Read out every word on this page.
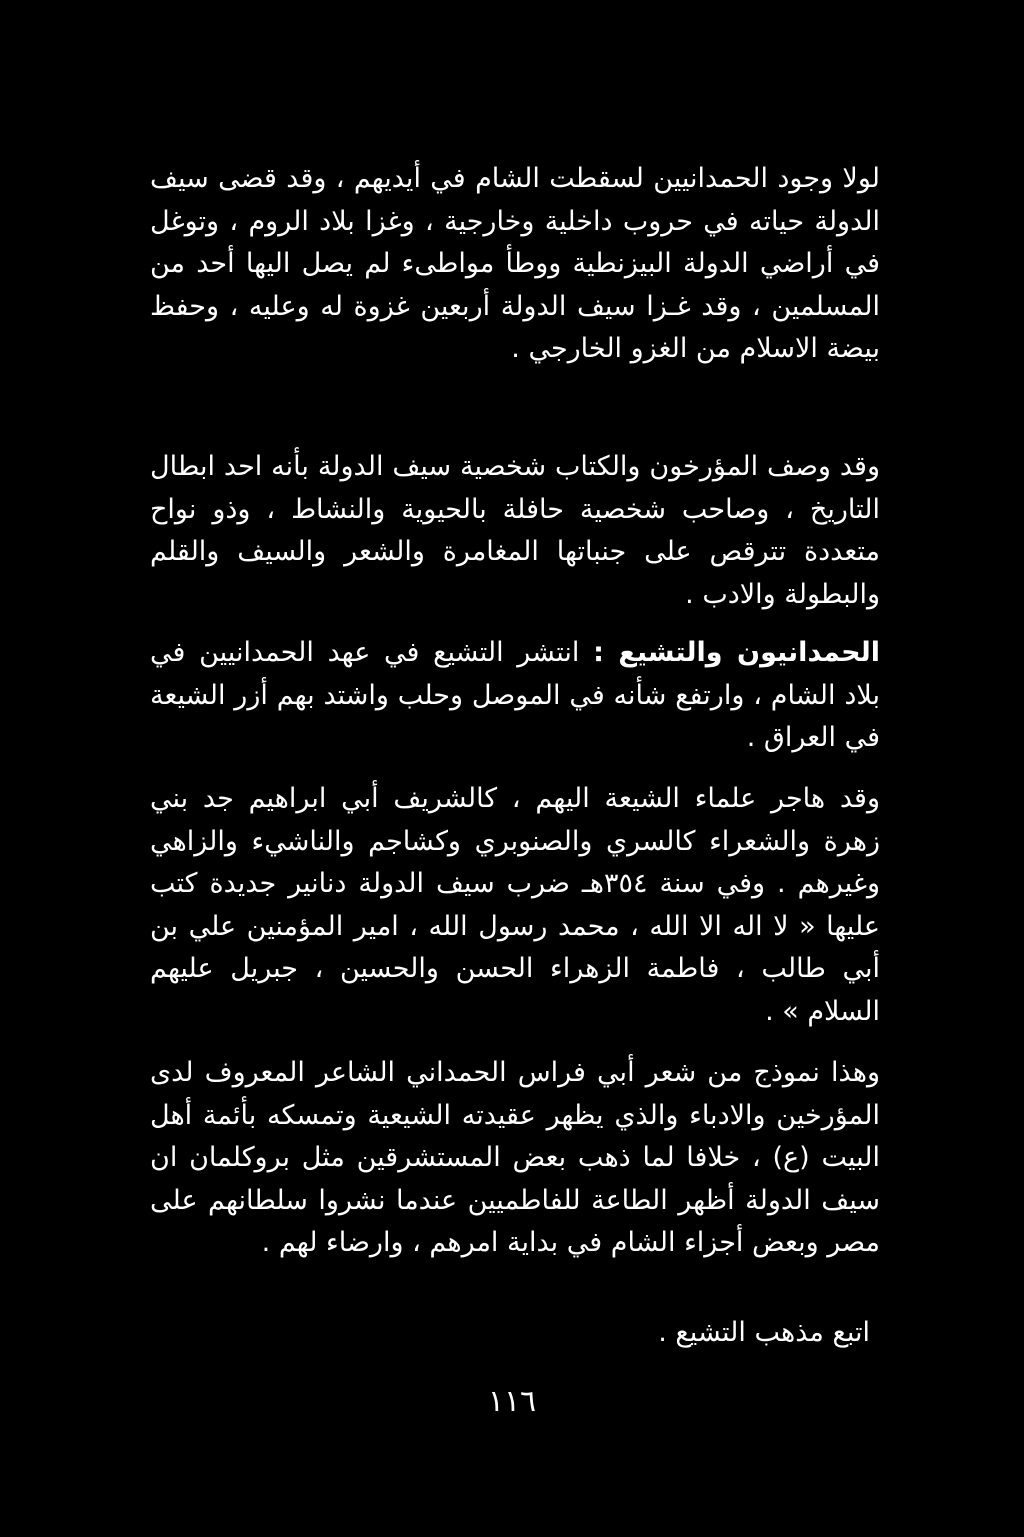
لولا وجود الحمدانيين لسقطت الشام في أيديهم ، وقد قضى سيف الدولة حياته في حروب داخلية وخارجية ، وغزا بلاد الروم ، وتوغل في أراضي الدولة البيزنطية ووطأ مواطىء لم يصل اليها أحد من المسلمين ، وقد غـزا سيف الدولة أربعين غزوة له وعليه ، وحفظ بيضة الاسلام من الغزو الخارجي .

وقد وصف المؤرخون والكتاب شخصية سيف الدولة بأنه احد ابطال التاريخ ، وصاحب شخصية حافلة بالحيوية والنشاط ، وذو نواح متعددة تترقص على جنباتها المغامرة والشعر والسيف والقلم والبطولة والادب .

الحمدانيون والتشيع : انتشر التشيع في عهد الحمدانيين في بلاد الشام ، وارتفع شأنه في الموصل وحلب واشتد بهم أزر الشيعة في العراق .

وقد هاجر علماء الشيعة اليهم ، كالشريف أبي ابراهيم جد بني زهرة والشعراء كالسري والصنوبري وكشاجم والناشيء والزاهي وغيرهم . وفي سنة ٣٥٤هـ ضرب سيف الدولة دنانير جديدة كتب عليها « لا اله الا الله ، محمد رسول الله ، امير المؤمنين علي بن أبي طالب ، فاطمة الزهراء الحسن والحسين ، جبريل عليهم السلام » .

وهذا نموذج من شعر أبي فراس الحمداني الشاعر المعروف لدى المؤرخين والادباء والذي يظهر عقيدته الشيعية وتمسكه بأئمة أهل البيت (ع) ، خلافا لما ذهب بعض المستشرقين مثل بروكلمان ان سيف الدولة أظهر الطاعة للفاطميين عندما نشروا سلطانهم على مصر وبعض أجزاء الشام في بداية امرهم ، وارضاء لهم .

اتبع مذهب التشيع .

١١٦
